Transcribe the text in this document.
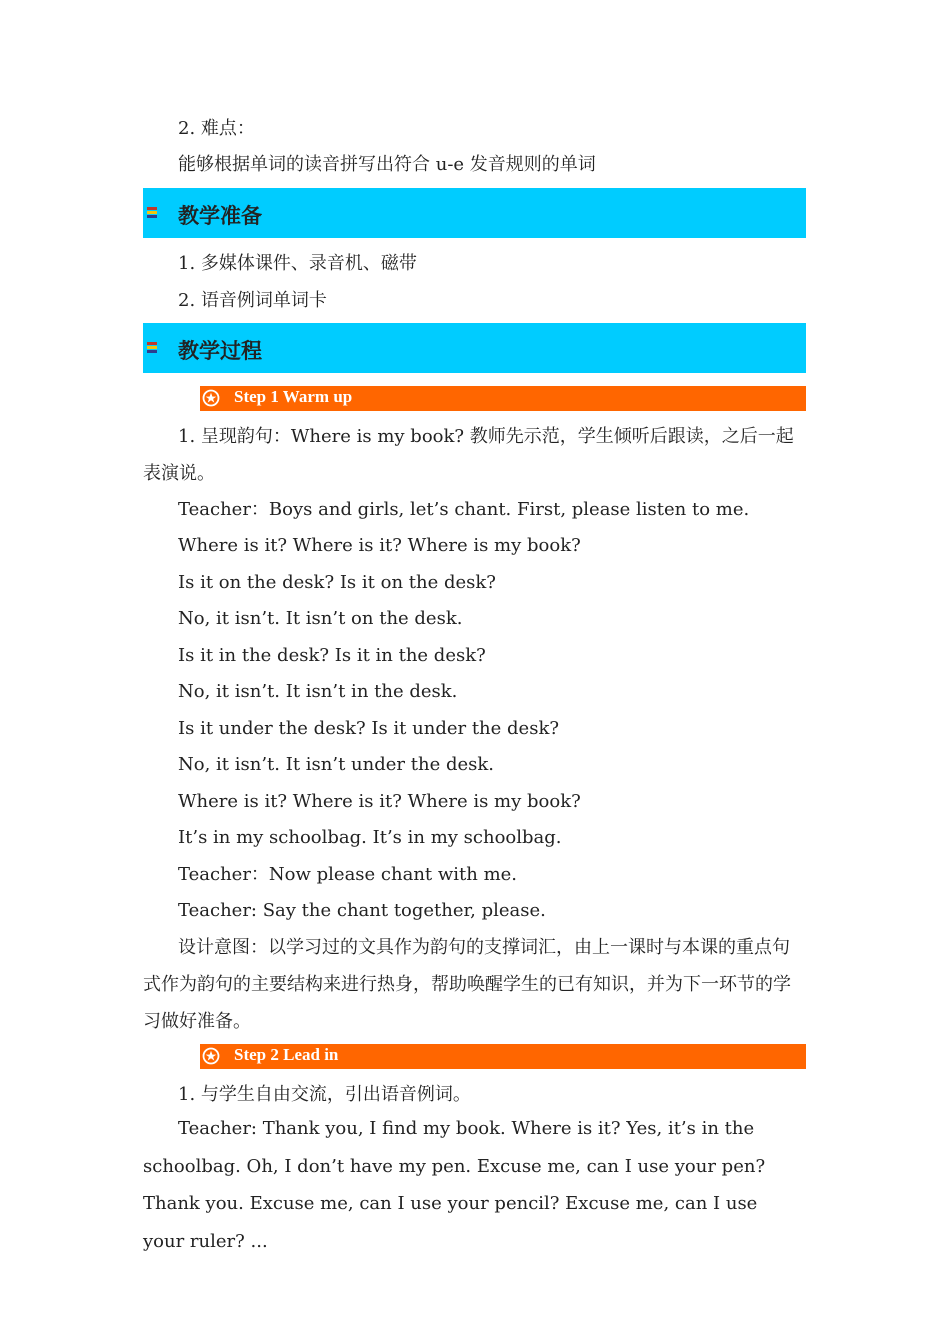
2. 难点：
能够根据单词的读音拼写出符合 u-e 发音规则的单词
教学准备
1. 多媒体课件、录音机、磁带
2. 语音例词单词卡
教学过程
Step 1 Warm up
1. 呈现韵句：Where is my book? 教师先示范，学生倾听后跟读，之后一起表演说。
Teacher：Boys and girls, let’s chant. First, please listen to me.
Where is it? Where is it? Where is my book?
Is it on the desk? Is it on the desk?
No, it isn’t. It isn’t on the desk.
Is it in the desk? Is it in the desk?
No, it isn’t. It isn’t in the desk.
Is it under the desk? Is it under the desk?
No, it isn’t. It isn’t under the desk.
Where is it? Where is it? Where is my book?
It’s in my schoolbag. It’s in my schoolbag.
Teacher：Now please chant with me.
Teacher: Say the chant together, please.
设计意图：以学习过的文具作为韵句的支撑词汇，由上一课时与本课的重点句式作为韵句的主要结构来进行热身，帮助唤醒学生的已有知识，并为下一环节的学习做好准备。
Step 2 Lead in
1. 与学生自由交流，引出语音例词。
Teacher: Thank you, I find my book. Where is it? Yes, it’s in the schoolbag. Oh, I don’t have my pen. Excuse me, can I use your pen? Thank you. Excuse me, can I use your pencil? Excuse me, can I use your ruler? ...
